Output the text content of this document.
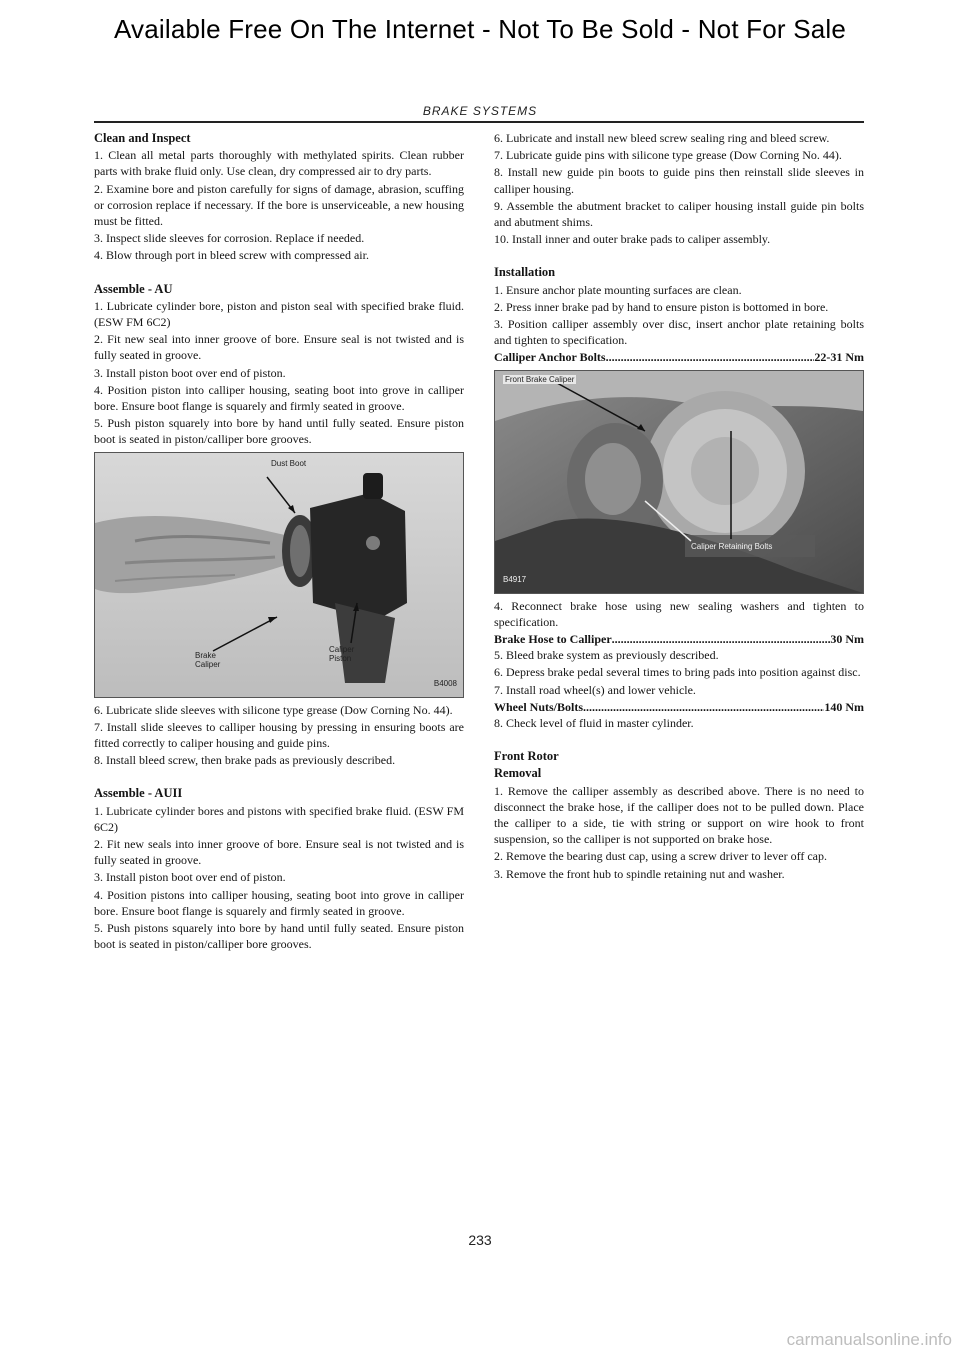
Available Free On The Internet - Not To Be Sold - Not For Sale
BRAKE SYSTEMS

Clean and Inspect

1. Clean all metal parts thoroughly with methylated spirits. Clean rubber parts with brake fluid only. Use clean, dry compressed air to dry parts.

2. Examine bore and piston carefully for signs of damage, abrasion, scuffing or corrosion replace if necessary. If the bore is unserviceable, a new housing must be fitted.

3. Inspect slide sleeves for corrosion. Replace if needed.

4. Blow through port in bleed screw with compressed air.

Assemble - AU

1. Lubricate cylinder bore, piston and piston seal with specified brake fluid. (ESW FM 6C2)

2. Fit new seal into inner groove of bore. Ensure seal is not twisted and is fully seated in groove.

3. Install piston boot over end of piston.

4. Position piston into calliper housing, seating boot into grove in calliper bore. Ensure boot flange is squarely and firmly seated in groove.

5. Push piston squarely into bore by hand until fully seated. Ensure piston boot is seated in piston/calliper bore grooves.

Dust Boot
Brake
Caliper
Caliper
Piston
B4008

6. Lubricate slide sleeves with silicone type grease (Dow Corning No. 44).

7. Install slide sleeves to calliper housing by pressing in ensuring boots are fitted correctly to caliper housing and guide pins.

8. Install bleed screw, then brake pads as previously described.

Assemble - AUII

1. Lubricate cylinder bores and pistons with specified brake fluid. (ESW FM 6C2)

2. Fit new seals into inner groove of bore. Ensure seal is not twisted and is fully seated in groove.

3. Install piston boot over end of piston.

4. Position pistons into calliper housing, seating boot into grove in calliper bore. Ensure boot flange is squarely and firmly seated in groove.

5. Push pistons squarely into bore by hand until fully seated. Ensure piston boot is seated in piston/calliper bore grooves.

6. Lubricate and install new bleed screw sealing ring and bleed screw.

7. Lubricate guide pins with silicone type grease (Dow Corning No. 44).

8. Install new guide pin boots to guide pins then reinstall slide sleeves in calliper housing.

9. Assemble the abutment bracket to caliper housing install guide pin bolts and abutment shims.

10. Install inner and outer brake pads to caliper assembly.

Installation

1. Ensure anchor plate mounting surfaces are clean.

2. Press inner brake pad by hand to ensure piston is bottomed in bore.

3. Position calliper assembly over disc, insert anchor plate retaining bolts and tighten to specification.

Calliper Anchor Bolts .....	22-31 Nm
Front Brake Caliper
Caliper Retaining Bolts
B4917

4. Reconnect brake hose using new sealing washers and tighten to specification.

Brake Hose to Calliper .....	30 Nm

5. Bleed brake system as previously described.

6. Depress brake pedal several times to bring pads into position against disc.

7. Install road wheel(s) and lower vehicle.

Wheel Nuts/Bolts .....	140 Nm

8. Check level of fluid in master cylinder.

Front Rotor

Removal

1. Remove the calliper assembly as described above. There is no need to disconnect the brake hose, if the calliper does not to be pulled down. Place the calliper to a side, tie with string or support on wire hook to front suspension, so the calliper is not supported on brake hose.

2. Remove the bearing dust cap, using a screw driver to lever off cap.

3. Remove the front hub to spindle retaining nut and washer.

233
carmanualsonline.info
